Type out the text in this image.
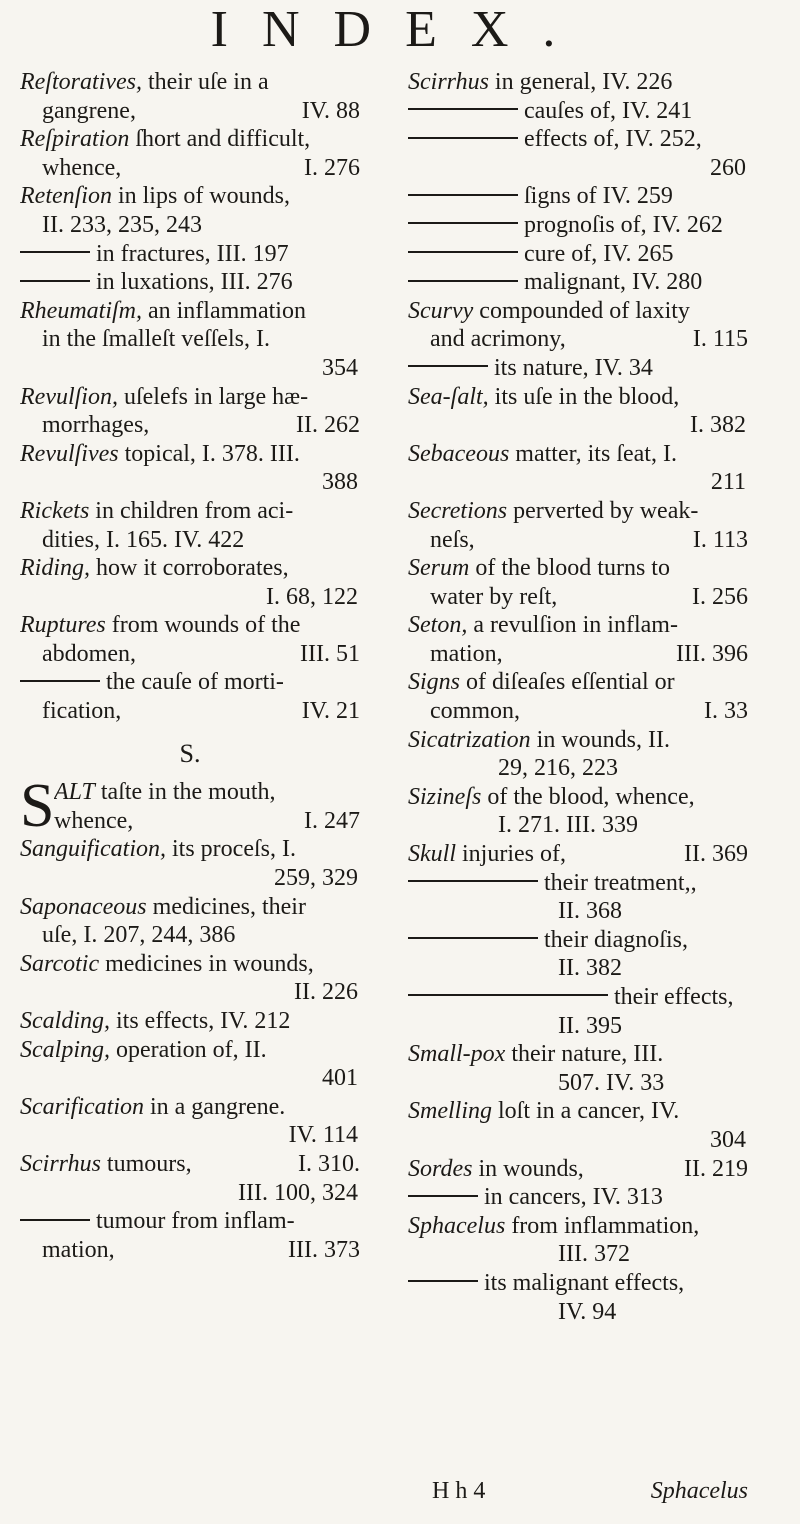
INDEX.
Reſtoratives, their uſe in a
gangrene,	IV. 88
Reſpiration ſhort and difficult,
whence,	I. 276
Retenſion in lips of wounds,
II. 233, 235, 243
in fractures, III. 197
in luxations, III. 276
Rheumatiſm, an inflammation
in the ſmalleſt veſſels, I.
354
Revulſion, uſelefs in large hæ-
morrhages,	II. 262
Revulſives topical, I. 378. III.
388
Rickets in children from aci-
dities, I. 165. IV. 422
Riding, how it corroborates,
I. 68, 122
Ruptures from wounds of the
abdomen,	III. 51
the cauſe of morti-
fication,	IV. 21
S.
S ALT taſte in the mouth,
whence,	I. 247
Sanguification, its proceſs, I.
259, 329
Saponaceous medicines, their
uſe, I. 207, 244, 386
Sarcotic medicines in wounds,
II. 226
Scalding, its effects, IV. 212
Scalping, operation of, II.
401
Scarification in a gangrene.
IV. 114
Scirrhus tumours,	I. 310.
III. 100, 324
tumour from inflam-
mation,	III. 373
Scirrhus in general, IV. 226
cauſes of, IV. 241
effects of, IV. 252,
260
ſigns of IV. 259
prognoſis of, IV. 262
cure of, IV. 265
malignant, IV. 280
Scurvy compounded of laxity
and acrimony,	I. 115
its nature, IV. 34
Sea-ſalt, its uſe in the blood,
I. 382
Sebaceous matter, its ſeat, I.
211
Secretions perverted by weak-
neſs,	I. 113
Serum of the blood turns to
water by reſt,	I. 256
Seton, a revulſion in inflam-
mation,	III. 396
Signs of diſeaſes eſſential or
common,	I. 33
Sicatrization in wounds, II.
29, 216, 223
Sizineſs of the blood, whence,
I. 271. III. 339
Skull injuries of,	II. 369
their treatment,,
II. 368
their diagnoſis,
II. 382
their effects,
II. 395
Small-pox their nature, III.
507. IV. 33
Smelling loſt in a cancer, IV.
304
Sordes in wounds,	II. 219
in cancers, IV. 313
Sphacelus from inflammation,
III. 372
its malignant effects,
IV. 94
H h 4	Sphacelus
